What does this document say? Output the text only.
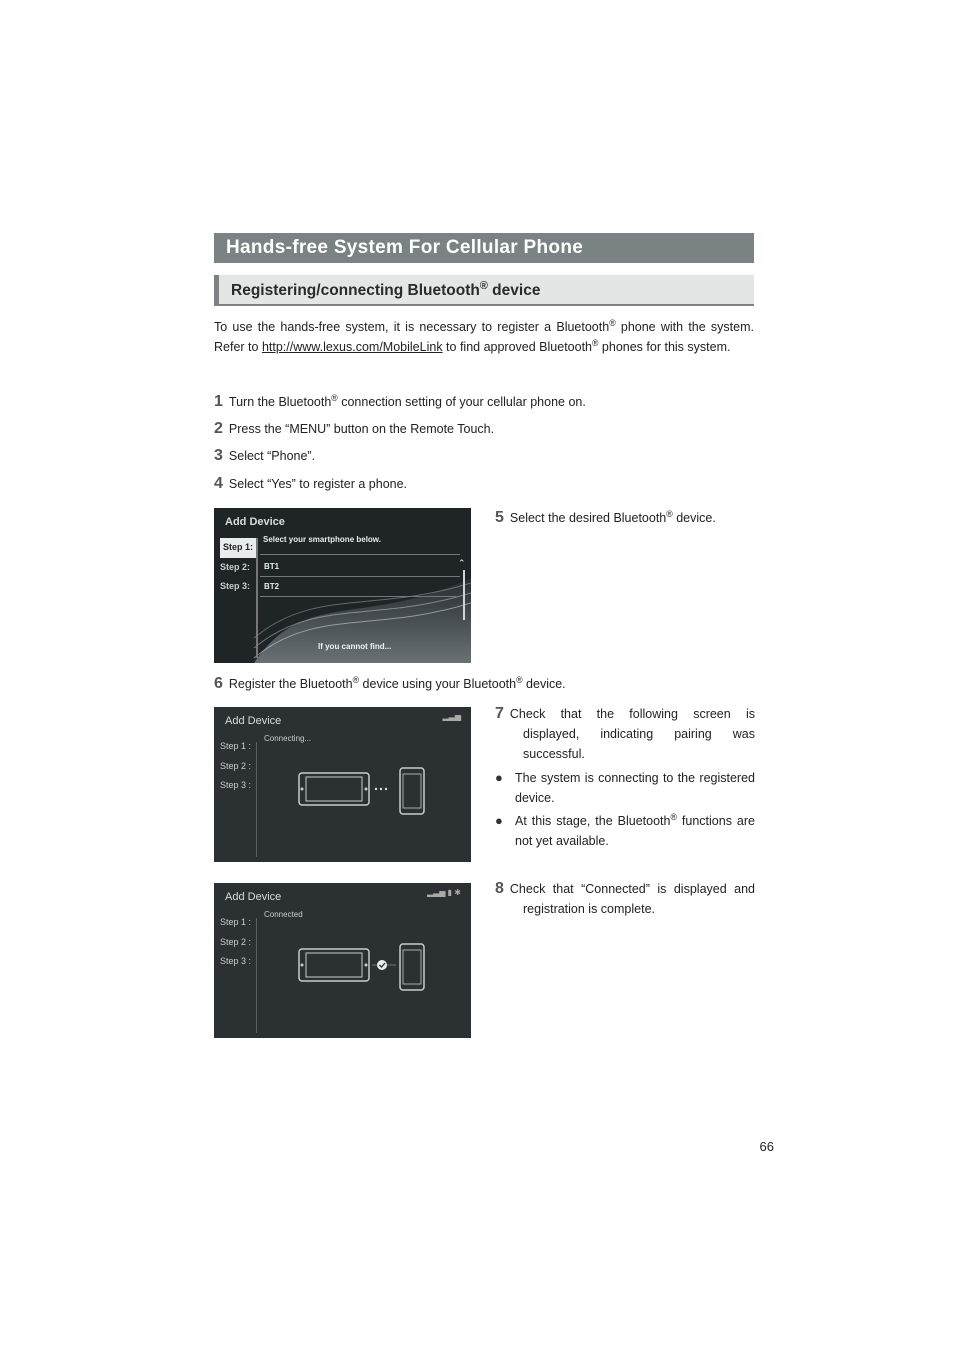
Hands-free System For Cellular Phone
Registering/connecting Bluetooth® device
To use the hands-free system, it is necessary to register a Bluetooth® phone with the system. Refer to http://www.lexus.com/MobileLink to find approved Bluetooth® phones for this system.
1 Turn the Bluetooth® connection setting of your cellular phone on.
2 Press the “MENU” button on the Remote Touch.
3 Select “Phone”.
4 Select “Yes” to register a phone.
Add Device
Step 1:
Step 2:
Step 3:
Select your smartphone below.
BT1
BT2
⌃
If you cannot find...
5 Select the desired Bluetooth® device.
6 Register the Bluetooth® device using your Bluetooth® device.
Add Device	▂▃▅
Step 1 :
Step 2 :
Step 3 :
Connecting...
7 Check that the following screen is displayed, indicating pairing was successful.
● The system is connecting to the registered device.
● At this stage, the Bluetooth® functions are not yet available.
Add Device	▂▃▅ ▮ ✱
Step 1 :
Step 2 :
Step 3 :
Connected
8 Check that “Connected” is displayed and registration is complete.
66
